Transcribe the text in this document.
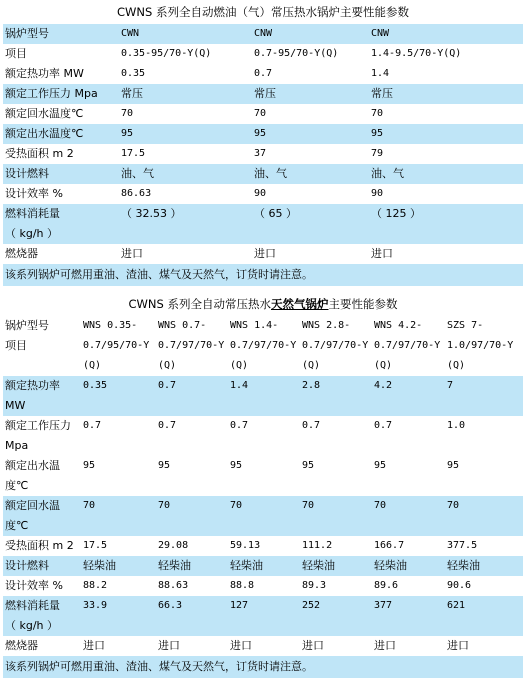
CWNS 系列全自动燃油（气）常压热水锅炉主要性能参数
锅炉型号	CWN	CNW	CNW
项目	0.35-95/70-Y(Q)	0.7-95/70-Y(Q)	1.4-9.5/70-Y(Q)
额定热功率 MW	0.35	0.7	1.4
额定工作压力 Mpa	常压	常压	常压
额定回水温度℃	70	70	70
额定出水温度℃	95	95	95
受热面积 m 2	17.5	37	79
设计燃料	油、气	油、气	油、气
设计效率 %	86.63	90	90
燃料消耗量	（ 32.53 ）	（ 65 ）	（ 125 ）
（ kg/h ）			
燃烧器	进口	进口	进口
该系列锅炉可燃用重油、渣油、煤气及天然气，订货时请注意。			
CWNS 系列全自动常压热水天然气锅炉主要性能参数
锅炉型号	WNS 0.35-	WNS 0.7-	WNS 1.4-	WNS 2.8-	WNS 4.2-	SZS 7-
项目	0.7/95/70-Y	0.7/97/70-Y	0.7/97/70-Y	0.7/97/70-Y	0.7/97/70-Y	1.0/97/70-Y
	(Q)	(Q)	(Q)	(Q)	(Q)	(Q)
额定热功率 MW	0.35	0.7	1.4	2.8	4.2	7
额定工作压力	0.7	0.7	0.7	0.7	0.7	1.0
Mpa						
额定出水温	95	95	95	95	95	95
度℃						
额定回水温	70	70	70	70	70	70
度℃						
受热面积 m 2	17.5	29.08	59.13	111.2	166.7	377.5
设计燃料	轻柴油	轻柴油	轻柴油	轻柴油	轻柴油	轻柴油
设计效率 %	88.2	88.63	88.8	89.3	89.6	90.6
燃料消耗量	33.9	66.3	127	252	377	621
（ kg/h ）						
燃烧器	进口	进口	进口	进口	进口	进口
该系列锅炉可燃用重油、渣油、煤气及天然气，订货时请注意。						
